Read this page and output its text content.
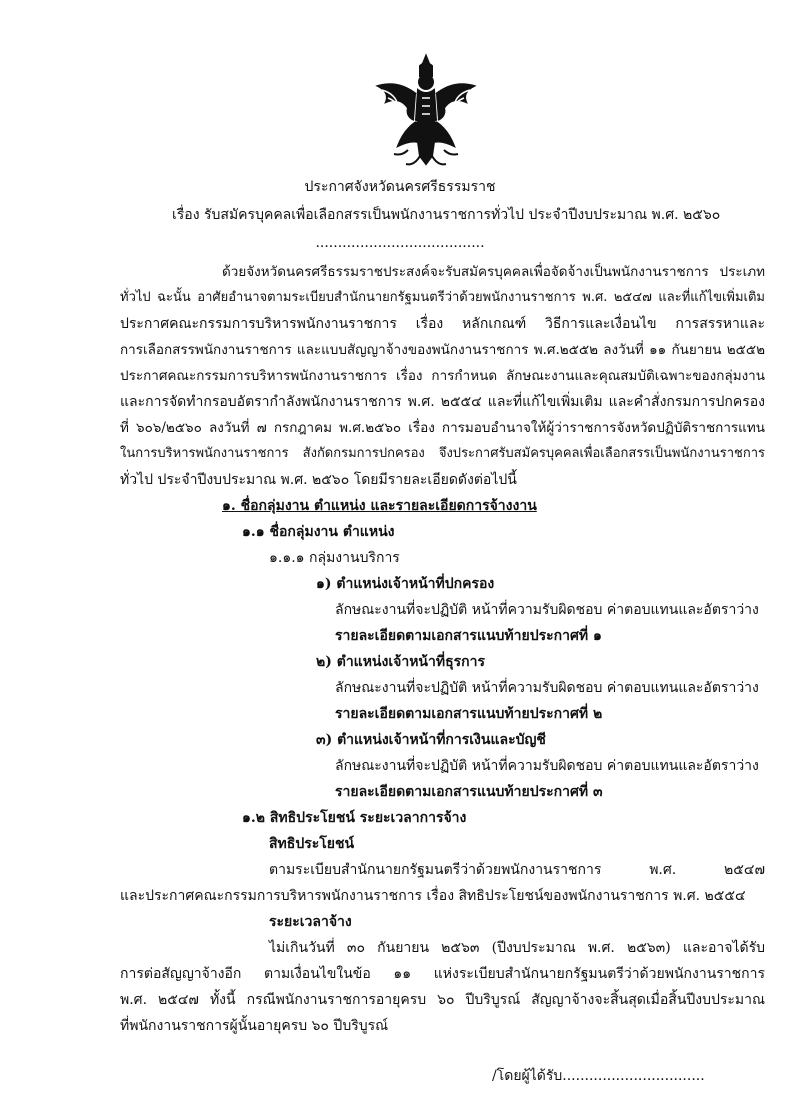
ประกาศจังหวัดนครศรีธรรมราช
เรื่อง รับสมัครบุคคลเพื่อเลือกสรรเป็นพนักงานราชการทั่วไป ประจำปีงบประมาณ พ.ศ. ๒๕๖๐
......................................
ด้วยจังหวัดนครศรีธรรมราชประสงค์จะรับสมัครบุคคลเพื่อจัดจ้างเป็นพนักงานราชการ ประเภท
ทั่วไป ฉะนั้น อาศัยอำนาจตามระเบียบสำนักนายกรัฐมนตรีว่าด้วยพนักงานราชการ พ.ศ. ๒๕๔๗ และที่แก้ไขเพิ่มเติม
ประกาศคณะกรรมการบริหารพนักงานราชการ เรื่อง หลักเกณฑ์ วิธีการและเงื่อนไข การสรรหาและ
การเลือกสรรพนักงานราชการ และแบบสัญญาจ้างของพนักงานราชการ พ.ศ.๒๕๕๒ ลงวันที่ ๑๑ กันยายน ๒๕๕๒
ประกาศคณะกรรมการบริหารพนักงานราชการ เรื่อง การกำหนด ลักษณะงานและคุณสมบัติเฉพาะของกลุ่มงาน
และการจัดทำกรอบอัตรากำลังพนักงานราชการ พ.ศ. ๒๕๕๔ และที่แก้ไขเพิ่มเติม และคำสั่งกรมการปกครอง
ที่ ๖๐๖/๒๕๖๐ ลงวันที่ ๗ กรกฎาคม พ.ศ.๒๕๖๐ เรื่อง การมอบอำนาจให้ผู้ว่าราชการจังหวัดปฏิบัติราชการแทน
ในการบริหารพนักงานราชการ สังกัดกรมการปกครอง จึงประกาศรับสมัครบุคคลเพื่อเลือกสรรเป็นพนักงานราชการ
ทั่วไป ประจำปีงบประมาณ พ.ศ. ๒๕๖๐ โดยมีรายละเอียดดังต่อไปนี้
๑. ชื่อกลุ่มงาน ตำแหน่ง และรายละเอียดการจ้างงาน
๑.๑ ชื่อกลุ่มงาน ตำแหน่ง
๑.๑.๑ กลุ่มงานบริการ
๑) ตำแหน่งเจ้าหน้าที่ปกครอง
ลักษณะงานที่จะปฏิบัติ หน้าที่ความรับผิดชอบ ค่าตอบแทนและอัตราว่าง
รายละเอียดตามเอกสารแนบท้ายประกาศที่ ๑
๒) ตำแหน่งเจ้าหน้าที่ธุรการ
ลักษณะงานที่จะปฏิบัติ หน้าที่ความรับผิดชอบ ค่าตอบแทนและอัตราว่าง
รายละเอียดตามเอกสารแนบท้ายประกาศที่ ๒
๓) ตำแหน่งเจ้าหน้าที่การเงินและบัญชี
ลักษณะงานที่จะปฏิบัติ หน้าที่ความรับผิดชอบ ค่าตอบแทนและอัตราว่าง
รายละเอียดตามเอกสารแนบท้ายประกาศที่ ๓
๑.๒ สิทธิประโยชน์ ระยะเวลาการจ้าง
สิทธิประโยชน์
ตามระเบียบสำนักนายกรัฐมนตรีว่าด้วยพนักงานราชการ พ.ศ. ๒๕๔๗
และประกาศคณะกรรมการบริหารพนักงานราชการ เรื่อง สิทธิประโยชน์ของพนักงานราชการ พ.ศ. ๒๕๕๔
ระยะเวลาจ้าง
ไม่เกินวันที่ ๓๐ กันยายน ๒๕๖๓ (ปีงบประมาณ พ.ศ. ๒๕๖๓) และอาจได้รับ
การต่อสัญญาจ้างอีก ตามเงื่อนไขในข้อ ๑๑ แห่งระเบียบสำนักนายกรัฐมนตรีว่าด้วยพนักงานราชการ
พ.ศ. ๒๕๔๗ ทั้งนี้ กรณีพนักงานราชการอายุครบ ๖๐ ปีบริบูรณ์ สัญญาจ้างจะสิ้นสุดเมื่อสิ้นปีงบประมาณ
ที่พนักงานราชการผู้นั้นอายุครบ ๖๐ ปีบริบูรณ์
/โดยผู้ได้รับ................................
